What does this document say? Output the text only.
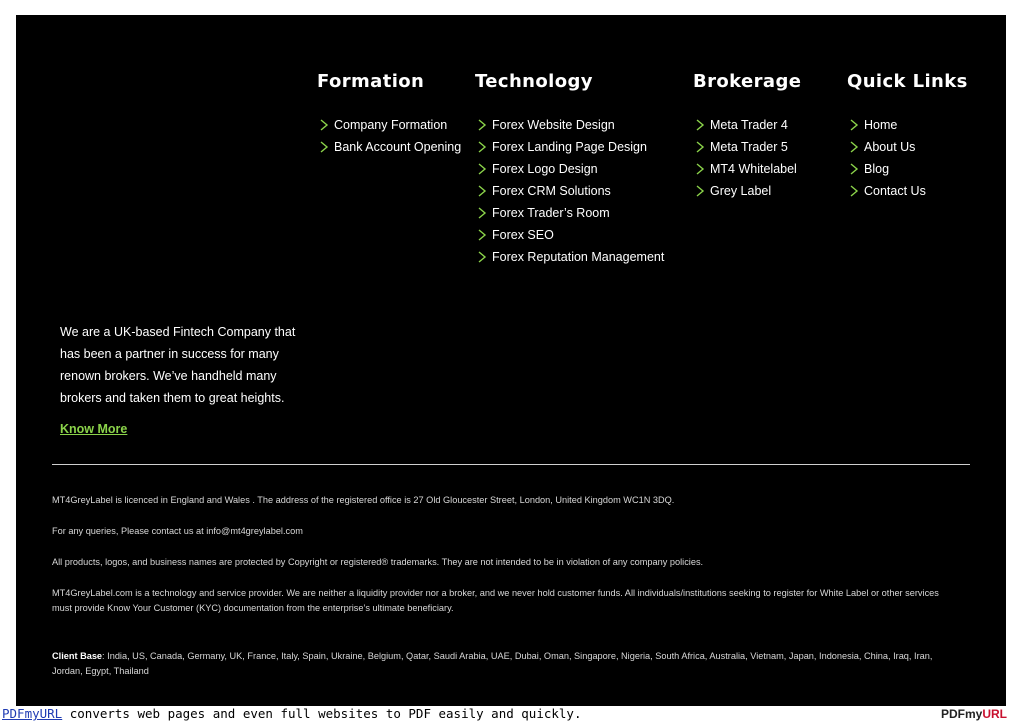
Formation
Company Formation
Bank Account Opening
Technology
Forex Website Design
Forex Landing Page Design
Forex Logo Design
Forex CRM Solutions
Forex Trader’s Room
Forex SEO
Forex Reputation Management
Brokerage
Meta Trader 4
Meta Trader 5
MT4 Whitelabel
Grey Label
Quick Links
Home
About Us
Blog
Contact Us
We are a UK-based Fintech Company that has been a partner in success for many renown brokers. We’ve handheld many brokers and taken them to great heights.
Know More

MT4GreyLabel is licenced in England and Wales . The address of the registered office is 27 Old Gloucester Street, London, United Kingdom WC1N 3DQ.

For any queries, Please contact us at info@mt4greylabel.com

All products, logos, and business names are protected by Copyright or registered® trademarks. They are not intended to be in violation of any company policies.

MT4GreyLabel.com is a technology and service provider. We are neither a liquidity provider nor a broker, and we never hold customer funds. All individuals/institutions seeking to register for White Label or other services must provide Know Your Customer (KYC) documentation from the enterprise’s ultimate beneficiary.

Client Base: India, US, Canada, Germany, UK, France, Italy, Spain, Ukraine, Belgium, Qatar, Saudi Arabia, UAE, Dubai, Oman, Singapore, Nigeria, South Africa, Australia, Vietnam, Japan, Indonesia, China, Iraq, Iran, Jordan, Egypt, Thailand

PDFmyURL converts web pages and even full websites to PDF easily and quickly.	PDFmyURL
